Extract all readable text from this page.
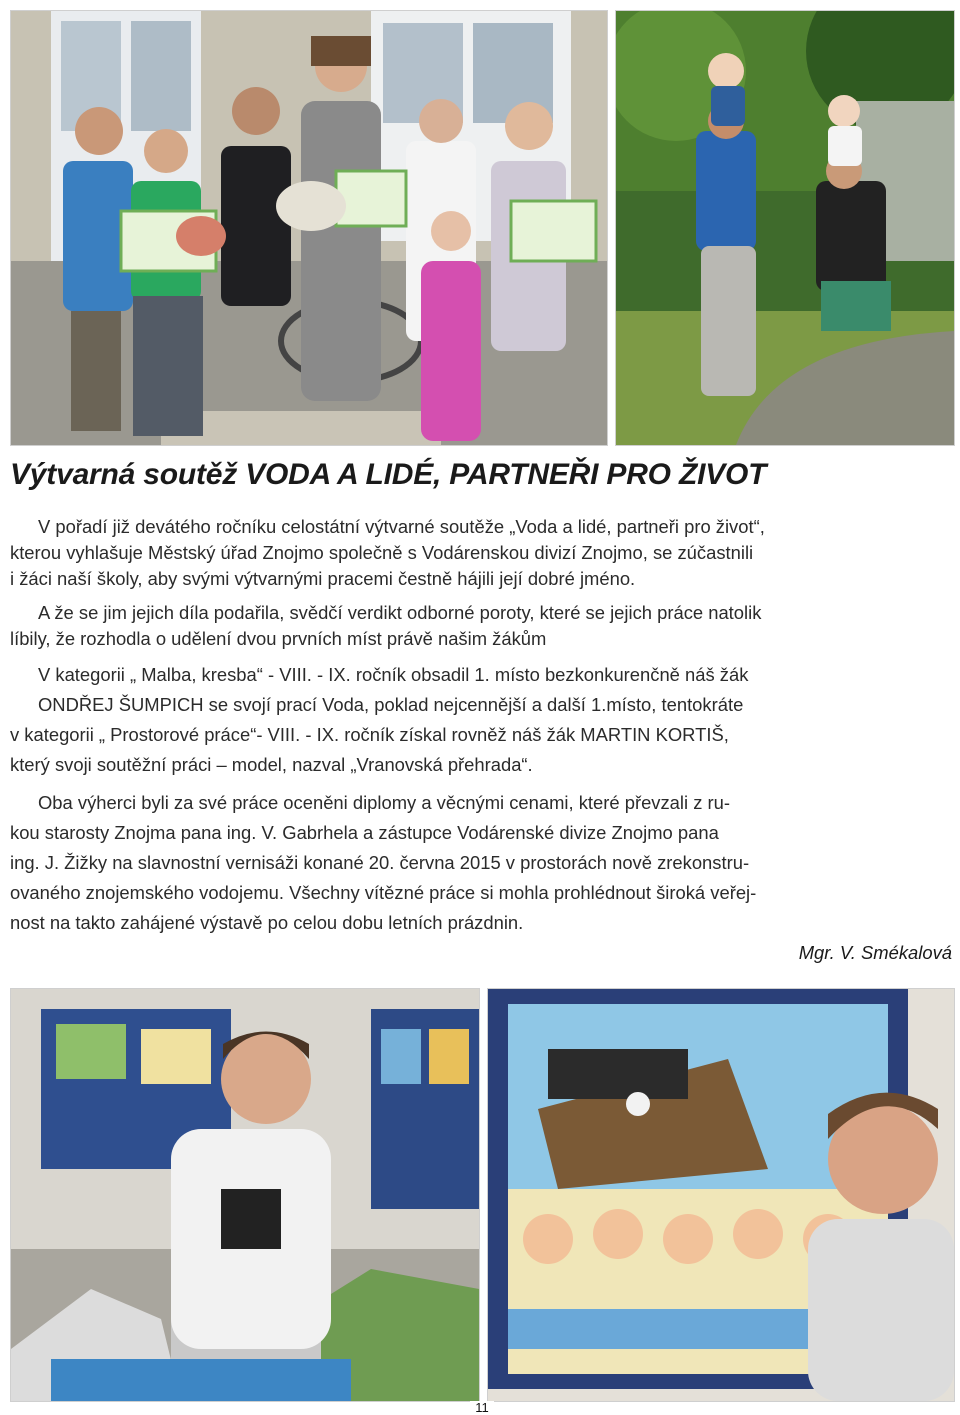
Výtvarná soutěž VODA A LIDÉ, PARTNEŘI PRO ŽIVOT

V pořadí již devátého ročníku celostátní výtvarné soutěže „Voda a lidé, partneři pro život“,
kterou vyhlašuje Městský úřad Znojmo společně s Vodárenskou divizí Znojmo, se zúčastnili
i žáci naší školy, aby svými výtvarnými pracemi čestně hájili její dobré jméno.

A že se jim jejich díla podařila, svědčí verdikt odborné poroty, které se jejich práce natolik
líbily, že rozhodla o udělení dvou prvních míst právě našim žákům

V kategorii „ Malba, kresba“ - VIII. - IX. ročník obsadil 1. místo bezkonkurenčně náš žák
ONDŘEJ ŠUMPICH se svojí prací Voda, poklad nejcennější a další 1.místo, tentokráte
v kategorii „ Prostorové práce“- VIII. - IX. ročník získal rovněž náš žák MARTIN KORTIŠ,
který svoji soutěžní práci – model, nazval „Vranovská přehrada“.

Oba výherci byli za své práce oceněni diplomy a věcnými cenami, které převzali z ru-
kou starosty Znojma pana ing. V. Gabrhela a zástupce Vodárenské divize Znojmo pana
ing. J. Žižky na slavnostní vernisáži konané 20. června 2015 v prostorách nově zrekonstru-
ovaného znojemského vodojemu. Všechny vítězné práce si mohla prohlédnout široká veřej-
nost na takto zahájené výstavě po celou dobu letních prázdnin.

Mgr. V. Smékalová
11
